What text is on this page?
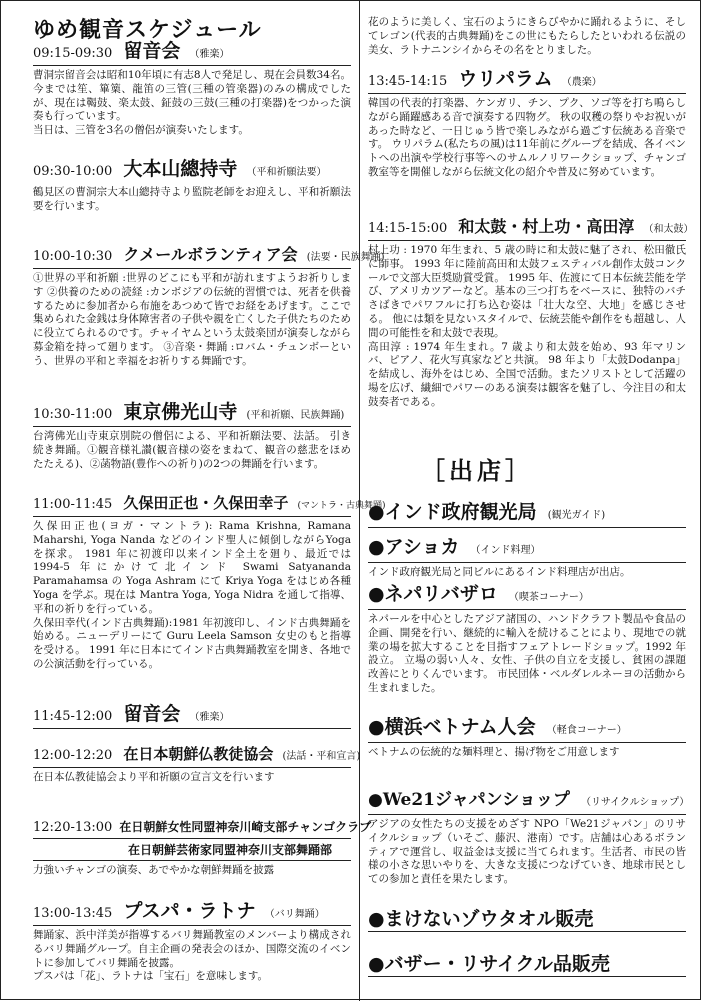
ゆめ観音スケジュール
09:15-09:30 留音会 （雅楽）

曹洞宗留音会は昭和10年頃に有志8人で発足し、現在会員数34名。今までは笙、篳篥、龍笛の三管(三種の管楽器)のみの構成でしたが、現在は鞨鼓、楽太鼓、鉦鼓の三鼓(三種の打楽器)をつかった演奏も行っています。

当日は、三管を3名の僧侶が演奏いたします。

09:30-10:00 大本山總持寺 （平和祈願法要）

鶴見区の曹洞宗大本山總持寺より監院老師をお迎えし、平和祈願法要を行います。

10:00-10:30 クメールボランティア会 (法要・民族舞踊)

①世界の平和祈願 :世界のどこにも平和が訪れますようお祈りします ②供養のための読経 :カンボジアの伝統的習慣では、死者を供養するために参加者から布施をあつめて皆でお経をあげます。ここで集められた金銭は身体障害者の子供や親を亡くした子供たちのために役立てられるのです。チャイヤムという太鼓楽団が演奏しながら募金箱を持って廻ります。 ③音楽・舞踊 :ロバム・チュンボーという、世界の平和と幸福をお祈りする舞踊です。

10:30-11:00 東京佛光山寺 (平和祈願、民族舞踊)

台湾佛光山寺東京別院の僧侶による、平和祈願法要、法話。 引き続き舞踊。①観音様礼讃(観音様の姿をまねて、観音の慈悲をほめたたえる)、②菡物語(豊作への祈り)の2つの舞踊を行います。

11:00-11:45 久保田正也・久保田幸子 (マントラ・古典舞踊)

久保田正也(ヨガ・マントラ): Rama Krishna, Ramana Maharshi, Yoga Nanda などのインド聖人に傾倒しながらYoga を探求。 1981 年に初渡印以来インド全土を廻り、最近では 1994-5 年にかけて北インド Swami Satyananda Paramahamsa の Yoga Ashram にて Kriya Yoga をはじめ各種 Yoga を学ぶ。現在は Mantra Yoga, Yoga Nidra を通して指導、平和の祈りを行っている。

久保田幸代(インド古典舞踊):1981 年初渡印し、インド古典舞踊を始める。ニューデリーにて Guru Leela Samson 女史のもと指導を受ける。 1991 年に日本にてインド古典舞踊教室を開き、各地での公演活動を行っている。

11:45-12:00 留音会 （雅楽）
12:00-12:20 在日本朝鮮仏教徒協会 (法話・平和宣言)

在日本仏教徒協会より平和祈願の宣言文を行います

12:20-13:00 在日朝鮮女性同盟神奈川崎支部チャンゴクラブ
在日朝鮮芸術家同盟神奈川支部舞踊部

力強いチャンゴの演奏、あでやかな朝鮮舞踊を披露

13:00-13:45 プスパ・ラトナ （バリ舞踊）

舞踊家、浜中洋美が指導するバリ舞踊教室のメンバーより構成されるバリ舞踊グループ。自主企画の発表会のほか、国際交流のイベントに参加してバリ舞踊を披露。

プスパは「花」、ラトナは「宝石」を意味します。

花のように美しく、宝石のようにきらびやかに踊れるように、そしてレゴン(代表的古典舞踊)をこの世にもたらしたといわれる伝説の美女、ラトナニンシイからその名をとりました。
13:45-14:15 ウリパラム （農楽）

韓国の代表的打楽器、ケンガリ、チン、プク、ソゴ等を打ち鳴らしながら踊躍感ある音で演奏する四物グ。 秋の収穫の祭りやお祝いがあった時など、一日じゅう皆で楽しみながら過ごす伝統ある音楽です。 ウリパラム(私たちの風)は11年前にグループを結成、各イベントへの出演や学校行事等へのサムルノリワークショップ、チャンゴ教室等を開催しながら伝統文化の紹介や普及に努めています。

14:15-15:00 和太鼓・村上功・高田淳 （和太鼓）

村上功 : 1970 年生まれ、5 歳の時に和太鼓に魅了され、松田徹氏に師事。 1993 年に陸前高田和太鼓フェスティバル創作太鼓コンクールで文部大臣奨励賞受賞。 1995 年、佐渡にて日本伝統芸能を学び、アメリカツアーなど。基本の三つ打ちをベースに、独特のバチさばきでパワフルに打ち込む姿は「壮大な空、大地」を感じさせる。 他には類を見ないスタイルで、伝統芸能や創作をも超越し、人間の可能性を和太鼓で表現。

高田淳 : 1974 年生まれ。7 歳より和太鼓を始め、93 年マリンバ、ピアノ、花火写真家などと共演。 98 年より「太鼓Dodanpa」を結成し、海外をはじめ、全国で活動。またソリストとして活躍の場を広げ、繊細でパワーのある演奏は観客を魅了し、今注目の和太鼓奏者である。

［出店］
●インド政府観光局 (観光ガイド)
●アショカ （インド料理）

インド政府観光局と同ビルにあるインド料理店が出店。

●ネパリバザロ （喫茶コーナー）

ネパールを中心としたアジア諸国の、ハンドクラフト製品や食品の企画、開発を行い、継続的に輸入を続けることにより、現地での就業の場を拡大することを目指すフェアトレードショップ。1992 年設立。 立場の弱い人々、女性、子供の自立を支援し、貧困の課題改善にとりくんでいます。 市民団体・ベルダレルネーヨの活動から生まれました。

●横浜ベトナム人会 （軽食コーナー）

ベトナムの伝統的な麺料理と、揚げ物をご用意します

●We21ジャパンショップ （リサイクルショップ）

アジアの女性たちの支援をめざす NPO「We21ジャパン」のリサイクルショップ（いそご、藤沢、港南）です。店舗は心あるボランティアで運営し、収益金は支援に当てられます。生活者、市民の皆様の小さな思いやりを、大きな支援につなげていき、地球市民としての参加と責任を果たします。

●まけないゾウタオル販売
●バザー・リサイクル品販売
